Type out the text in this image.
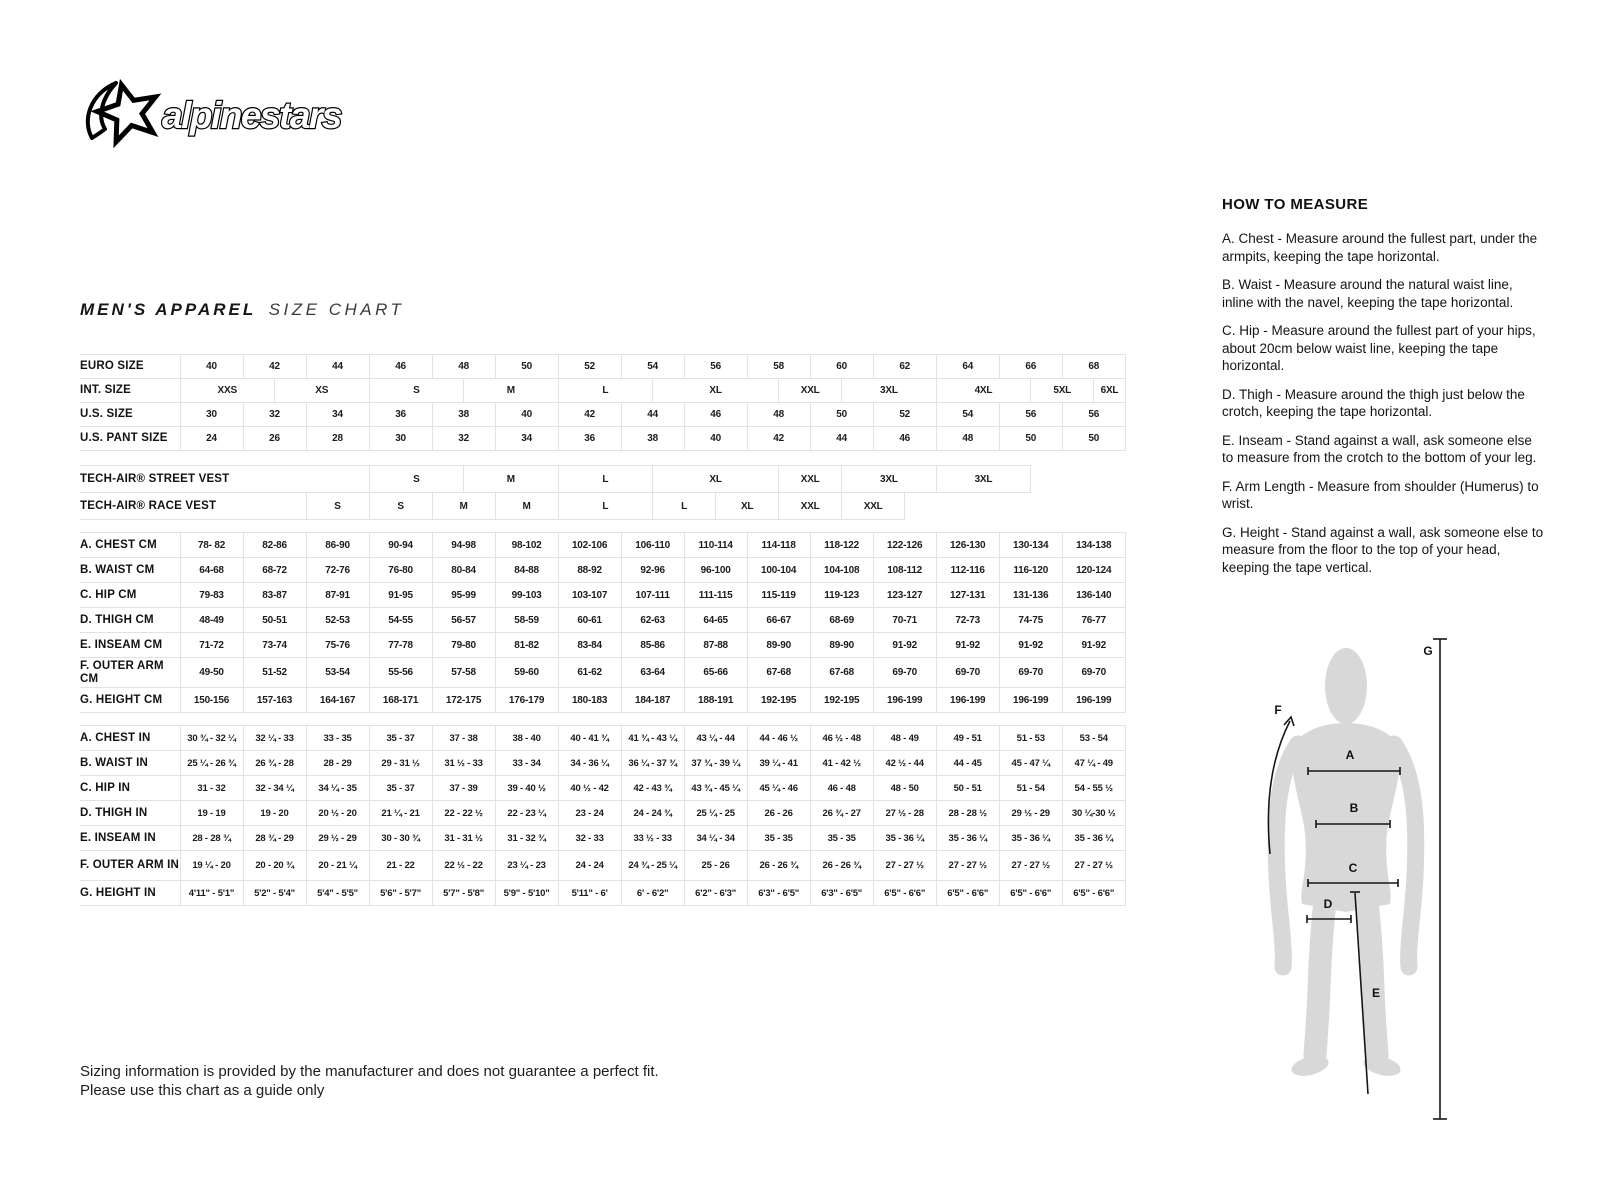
alpinestars
MEN'S APPAREL SIZE CHART
EURO SIZE	40	42		44	46	48		50	52	54		56		58		60		62		64	66		68	
INT. SIZE	XXS		XS		S		M		L		XL				XXL		3XL			4XL		5XL		6XL
U.S. SIZE	30	32		34	36	38		40	42	44		46		48		50		52		54	56		56	
U.S. PANT SIZE	24	26		28	30	32		34	36	38		40		42		44		46		48	50		50	

TECH-AIR® STREET VEST					S		M		L		XL				XXL		3XL			3XL				
TECH-AIR® RACE VEST				S	S	M		M	L		L		XL		XXL		XXL							

A. CHEST CM	78- 82	82-86		86-90	90-94	94-98		98-102	102-106	106-110		110-114		114-118		118-122		122-126		126-130	130-134		134-138	
B. WAIST CM	64-68	68-72		72-76	76-80	80-84		84-88	88-92	92-96		96-100		100-104		104-108		108-112		112-116	116-120		120-124	
C. HIP CM	79-83	83-87		87-91	91-95	95-99		99-103	103-107	107-111		111-115		115-119		119-123		123-127		127-131	131-136		136-140	
D. THIGH CM	48-49	50-51		52-53	54-55	56-57		58-59	60-61	62-63		64-65		66-67		68-69		70-71		72-73	74-75		76-77	
E. INSEAM CM	71-72	73-74		75-76	77-78	79-80		81-82	83-84	85-86		87-88		89-90		89-90		91-92		91-92	91-92		91-92	
F. OUTER ARM CM	49-50	51-52		53-54	55-56	57-58		59-60	61-62	63-64		65-66		67-68		67-68		69-70		69-70	69-70		69-70	
G. HEIGHT CM	150-156	157-163		164-167	168-171	172-175		176-179	180-183	184-187		188-191		192-195		192-195		196-199		196-199	196-199		196-199	

A. CHEST IN	30 ¾ - 32 ¼	32 ¼ - 33		33 - 35	35 - 37	37 - 38		38 - 40	40 - 41 ¾	41 ¾ - 43 ¼		43 ¼ - 44		44 - 46 ½		46 ½ - 48		48 - 49		49 - 51	51 - 53		53 - 54	
B. WAIST IN	25 ¼ - 26 ¾	26 ¾ - 28		28 - 29	29 - 31 ½	31 ½ - 33		33 - 34	34 - 36 ¼	36 ¼ - 37 ¾		37 ¾ - 39 ¼		39 ¼ - 41		41 - 42 ½		42 ½ - 44		44 - 45	45 - 47 ¼		47 ¼ - 49	
C. HIP IN	31 - 32	32 - 34 ¼		34 ¼ - 35	35 - 37	37 - 39		39 - 40 ½	40 ½ - 42	42 - 43 ¾		43 ¾ - 45 ¼		45 ¼ - 46		46 - 48		48 - 50		50 - 51	51 - 54		54 - 55 ½	
D. THIGH IN	19 - 19	19 - 20		20 ½ - 20	21 ¼ - 21	22 - 22 ½		22 - 23 ¼	23 - 24	24 - 24 ¾		25 ¼ - 25		26 - 26		26 ¾ - 27		27 ½ - 28		28 - 28 ½	29 ½ - 29		30 ¼-30 ½	
E. INSEAM IN	28 - 28 ¾	28 ¾ - 29		29 ½ - 29	30 - 30 ¾	31 - 31 ½		31 - 32 ¾	32 - 33	33 ½ - 33		34 ¼ - 34		35 - 35		35 - 35		35 - 36 ¼		35 - 36 ¼	35 - 36 ¼		35 - 36 ¼	
F. OUTER ARM IN	19 ¼ - 20	20 - 20 ¾		20 - 21 ¼	21 - 22	22 ½ - 22		23 ¼ - 23	24 - 24	24 ¾ - 25 ¼		25 - 26		26 - 26 ¾		26 - 26 ¾		27 - 27 ½		27 - 27 ½	27 - 27 ½		27 - 27 ½	
G. HEIGHT IN	4'11" - 5'1"	5'2" - 5'4"		5'4" - 5'5"	5'6" - 5'7"	5'7" - 5'8"		5'9" - 5'10"	5'11" - 6'	6' - 6'2"		6'2" - 6'3"		6'3" - 6'5"		6'3" - 6'5"		6'5" - 6'6"		6'5" - 6'6"	6'5" - 6'6"		6'5" - 6'6"	
HOW TO MEASURE

A. Chest - Measure around the fullest part, under the armpits, keeping the tape horizontal.

B. Waist - Measure around the natural waist line, inline with the navel, keeping the tape horizontal.

C. Hip - Measure around the fullest part of your hips, about 20cm below waist line, keeping the tape horizontal.

D. Thigh - Measure around the thigh just below the crotch, keeping the tape horizontal.

E. Inseam - Stand against a wall, ask someone else to measure from the crotch to the bottom of your leg.

F. Arm Length - Measure from shoulder (Humerus) to wrist.

G. Height - Stand against a wall, ask someone else to measure from the floor to the top of your head, keeping the tape vertical.

A
B
C
D
E
F
G

Sizing information is provided by the manufacturer and does not guarantee a perfect fit.

Please use this chart as a guide only
